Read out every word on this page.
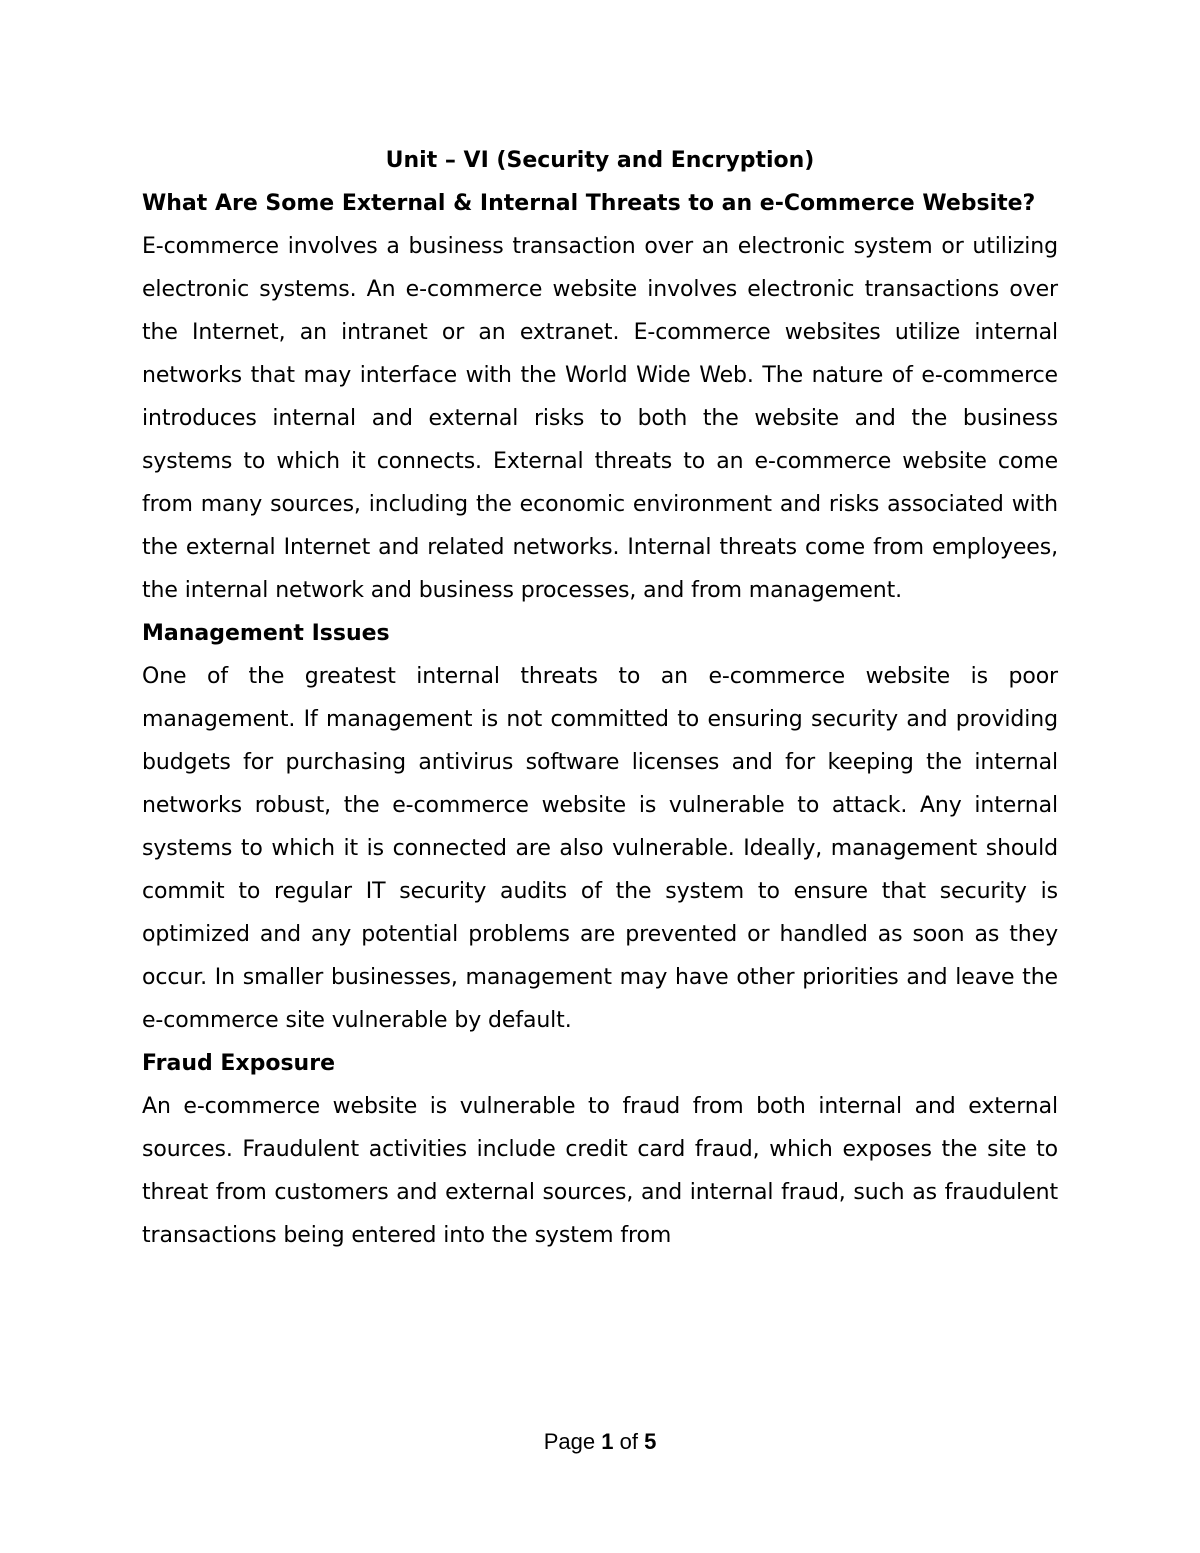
Unit – VI (Security and Encryption)
What Are Some External & Internal Threats to an e-Commerce Website?

E-commerce involves a business transaction over an electronic system or utilizing electronic systems. An e-commerce website involves electronic transactions over the Internet, an intranet or an extranet. E-commerce websites utilize internal networks that may interface with the World Wide Web. The nature of e-commerce introduces internal and external risks to both the website and the business systems to which it connects. External threats to an e-commerce website come from many sources, including the economic environment and risks associated with the external Internet and related networks. Internal threats come from employees, the internal network and business processes, and from management.

Management Issues

One of the greatest internal threats to an e-commerce website is poor management. If management is not committed to ensuring security and providing budgets for purchasing antivirus software licenses and for keeping the internal networks robust, the e-commerce website is vulnerable to attack. Any internal systems to which it is connected are also vulnerable. Ideally, management should commit to regular IT security audits of the system to ensure that security is optimized and any potential problems are prevented or handled as soon as they occur. In smaller businesses, management may have other priorities and leave the e-commerce site vulnerable by default.

Fraud Exposure

An e-commerce website is vulnerable to fraud from both internal and external sources. Fraudulent activities include credit card fraud, which exposes the site to threat from customers and external sources, and internal fraud, such as fraudulent transactions being entered into the system from

Page 1 of 5
